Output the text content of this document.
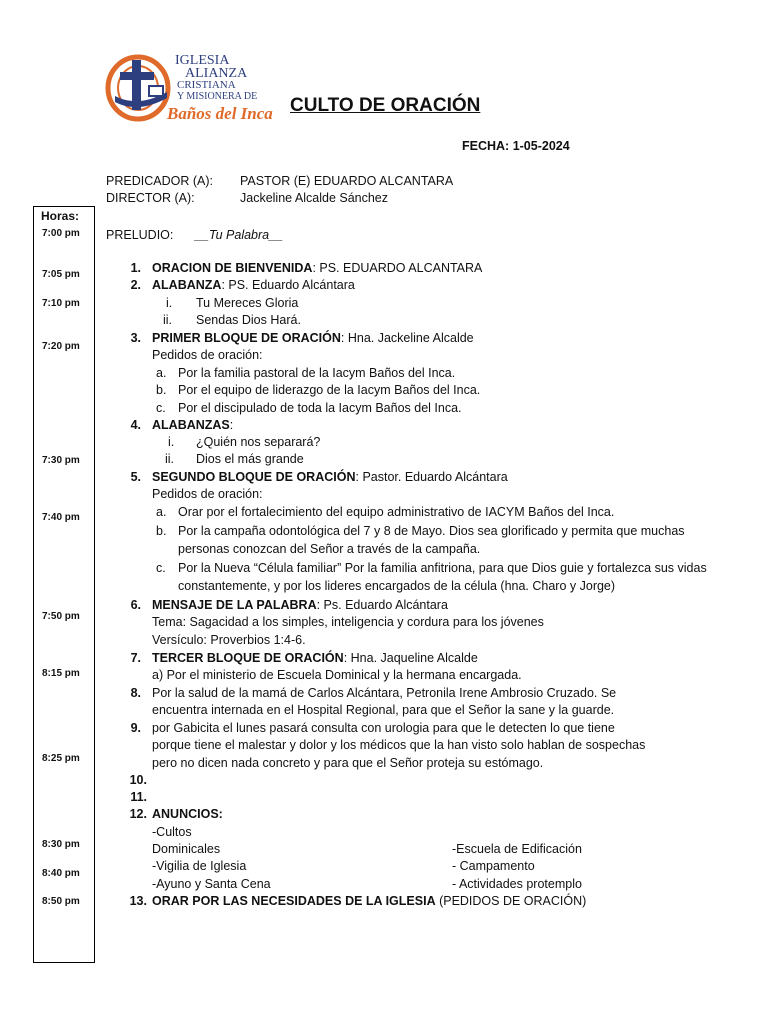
IGLESIA
ALIANZA
CRISTIANA
Y MISIONERA DE
Baños del Inca CULTO DE ORACIÓN
FECHA: 1-05-2024
PREDICADOR (A): PASTOR (E) EDUARDO ALCANTARA
DIRECTOR (A):	Jackeline Alcalde Sánchez
PRELUDIO: __Tu Palabra__
Horas:
7:00 pm
7:05 pm
7:10 pm
7:20 pm
7:30 pm
7:40 pm
7:50 pm
8:15 pm
8:25 pm
8:30 pm
8:40 pm
8:50 pm
1. ORACION DE BIENVENIDA: PS. EDUARDO ALCANTARA
2. ALABANZA: PS. Eduardo Alcántara
i. Tu Mereces Gloria
ii. Sendas Dios Hará.
3. PRIMER BLOQUE DE ORACIÓN: Hna. Jackeline Alcalde
Pedidos de oración:
a. Por la familia pastoral de la Iacym Baños del Inca.
b. Por el equipo de liderazgo de la Iacym Baños del Inca.
c. Por el discipulado de toda la Iacym Baños del Inca.
4. ALABANZAS:
i. ¿Quién nos separará?
ii. Dios el más grande
5. SEGUNDO BLOQUE DE ORACIÓN: Pastor. Eduardo Alcántara
Pedidos de oración:
a. Orar por el fortalecimiento del equipo administrativo de IACYM Baños del Inca.
b. Por la campaña odontológica del 7 y 8 de Mayo. Dios sea glorificado y permita que muchas
personas conozcan del Señor a través de la campaña.
c. Por la Nueva “Célula familiar” Por la familia anfitriona, para que Dios guie y fortalezca sus vidas
constantemente, y por los lideres encargados de la célula (hna. Charo y Jorge)
6. MENSAJE DE LA PALABRA: Ps. Eduardo Alcántara
Tema: Sagacidad a los simples, inteligencia y cordura para los jóvenes
Versículo: Proverbios 1:4-6.
7. TERCER BLOQUE DE ORACIÓN: Hna. Jaqueline Alcalde
a) Por el ministerio de Escuela Dominical y la hermana encargada.
8. Por la salud de la mamá de Carlos Alcántara, Petronila Irene Ambrosio Cruzado. Se
encuentra internada en el Hospital Regional, para que el Señor la sane y la guarde.
9. por Gabicita el lunes pasará consulta con urologia para que le detecten lo que tiene
porque tiene el malestar y dolor y los médicos que la han visto solo hablan de sospechas
pero no dicen nada concreto y para que el Señor proteja su estómago.
10.
11.
12. ANUNCIOS:
-Cultos
Dominicales
-Vigilia de Iglesia
-Ayuno y Santa Cena
-Escuela de Edificación
- Campamento
- Actividades protemplo
13. ORAR POR LAS NECESIDADES DE LA IGLESIA (PEDIDOS DE ORACIÓN)
